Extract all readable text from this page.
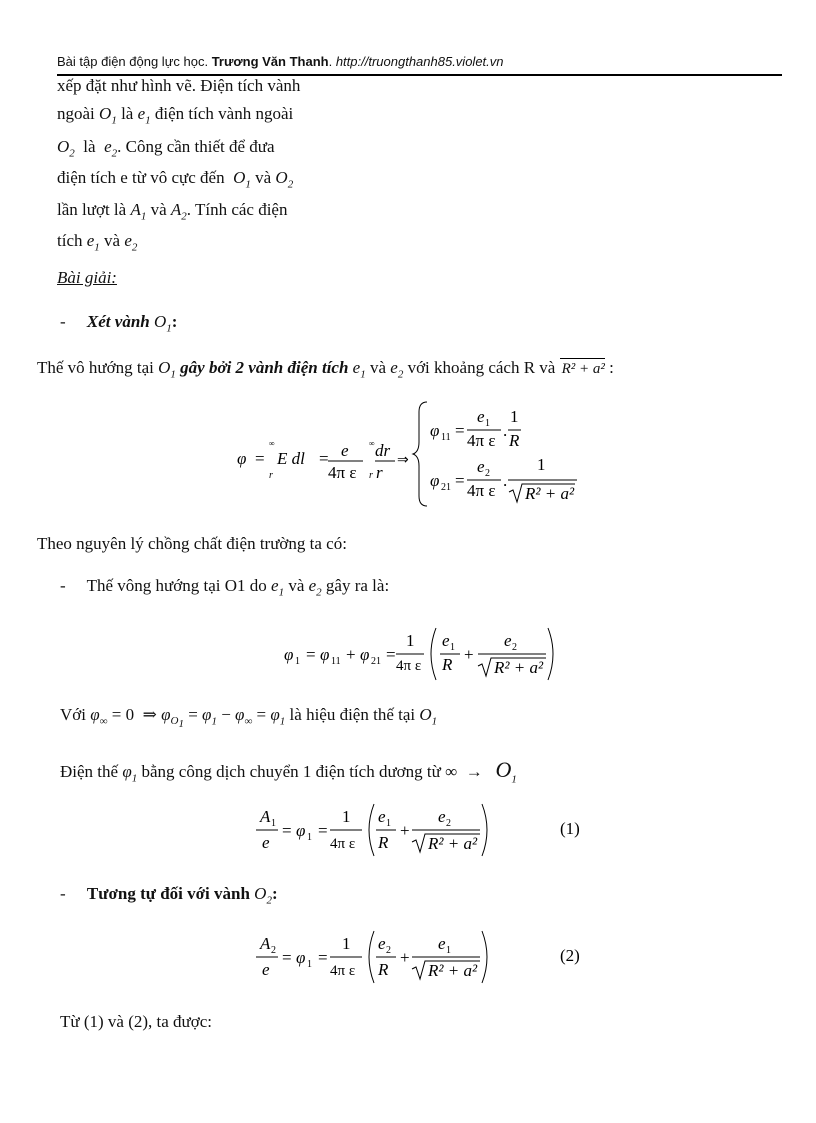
Bài tập điện động lực học. Trương Văn Thanh. http://truongthanh85.violet.vn
xếp đặt như hình vẽ. Điện tích vành
ngoài $O_1$ là $e_1$ điện tích vành ngoài
$O_2$ là $e_2$. Công cần thiết để đưa
điện tích e từ vô cực đến $O_1$ và $O_2$
lần lượt là $A_1$ và $A_2$. Tính các điện
tích $e_1$ và $e_2$
Bài giải:
- Xét vành $O_1$:
Thế vô hướng tại $O_1$ gây bởi 2 vành điện tích $e_1$ và $e_2$ với khoảng cách R và R² + a² :
φ =
∞
r
E dl = e
4π ε
∞
r
dr
r
⇒
φ 11 =
e 1
4π ε
.
1
R
φ 21 =
e 2
4π ε
.
1
R² + a²
Theo nguyên lý chồng chất điện trường ta có:
- Thế vông hướng tại O1 do $e_1$ và $e_2$ gây ra là:
φ 1 = φ 11 + φ 21 =
1
4π ε
e 1
R
+
e 2
R² + a²
Với $\varphi_\infty = 0$ ⇒ $\varphi_{O_1} = \varphi_1 - \varphi_\infty = \varphi_1$ là hiệu điện thế tại $O_1$
Điện thế $\varphi_1$ bằng công dịch chuyển 1 điện tích dương từ ∞ → $O_1$
A 1
e
= φ 1 =
1
4π ε
e 1
R
+
e 2
R² + a²
(1)
- Tương tự đối với vành $O_2$:
A 2
e
= φ 1 =
1
4π ε
e 2
R
+
e 1
R² + a²
(2)
Từ (1) và (2), ta được:
